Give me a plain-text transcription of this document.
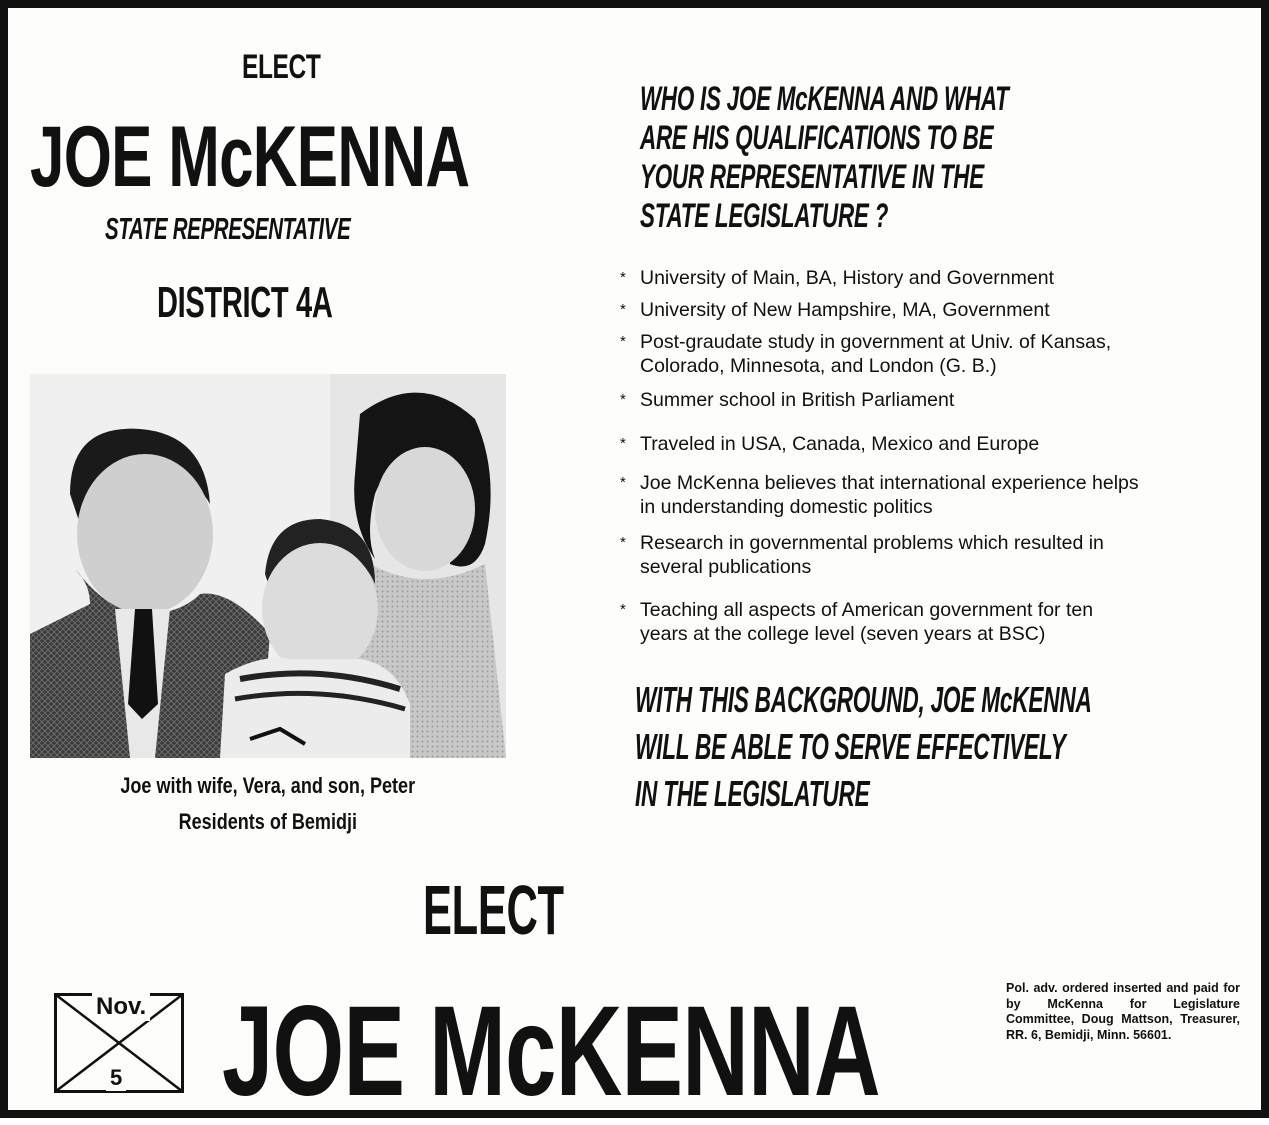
ELECT
JOE McKENNA
STATE REPRESENTATIVE
DISTRICT 4A
Joe with wife, Vera, and son, Peter
Residents of Bemidji
WHO IS JOE McKENNA AND WHAT
ARE HIS QUALIFICATIONS TO BE
YOUR REPRESENTATIVE IN THE
STATE LEGISLATURE ?
* University of Main, BA, History and Government
* University of New Hampshire, MA, Government
* Post-graudate study in government at Univ. of Kansas,
Colorado, Minnesota, and London (G. B.)
* Summer school in British Parliament
* Traveled in USA, Canada, Mexico and Europe
* Joe McKenna believes that international experience helps
in understanding domestic politics
* Research in governmental problems which resulted in
several publications
* Teaching all aspects of American government for ten
years at the college level (seven years at BSC)
WITH THIS BACKGROUND, JOE McKENNA
WILL BE ABLE TO SERVE EFFECTIVELY
IN THE LEGISLATURE
ELECT
Nov.
5 JOE McKENNA	Pol. adv. ordered inserted and paid for by McKenna for Legislature Committee, Doug Mattson, Treasurer, RR. 6, Bemidji, Minn. 56601.
